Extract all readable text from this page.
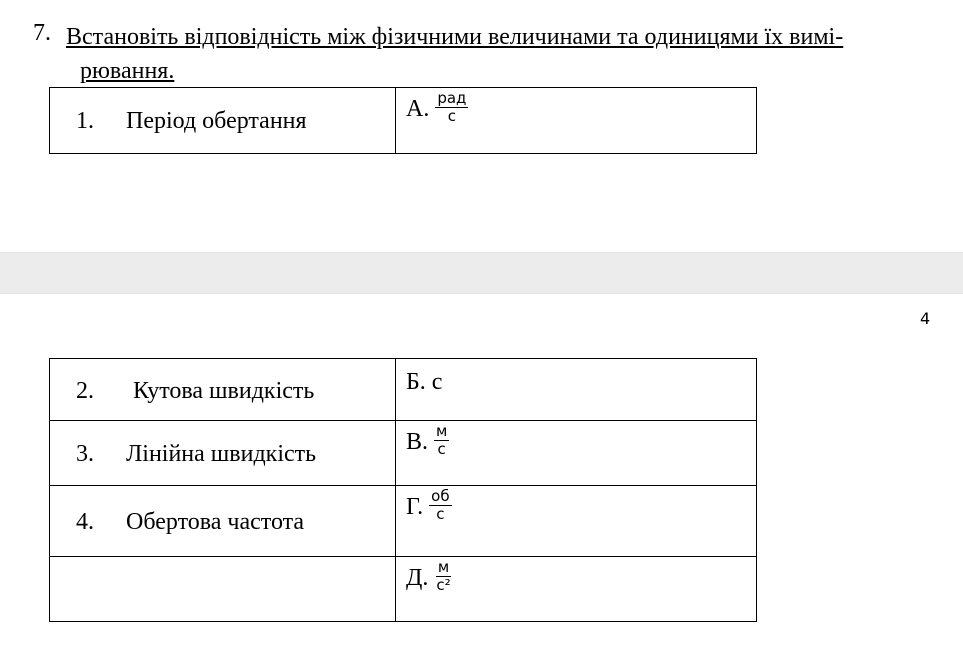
7. Встановіть відповідність між фізичними величинами та одиницями їх вимі-
рювання.
1. Період обертання	А. $\frac{\text{рад}}{с}$
4
2. Кутова швидкість	Б. с

3. Лінійна швидкість	В. $\frac{м}{с}$

4. Обертова частота	Г. $\frac{об}{с}$

	Д. $\frac{м}{\text{с²}}$
